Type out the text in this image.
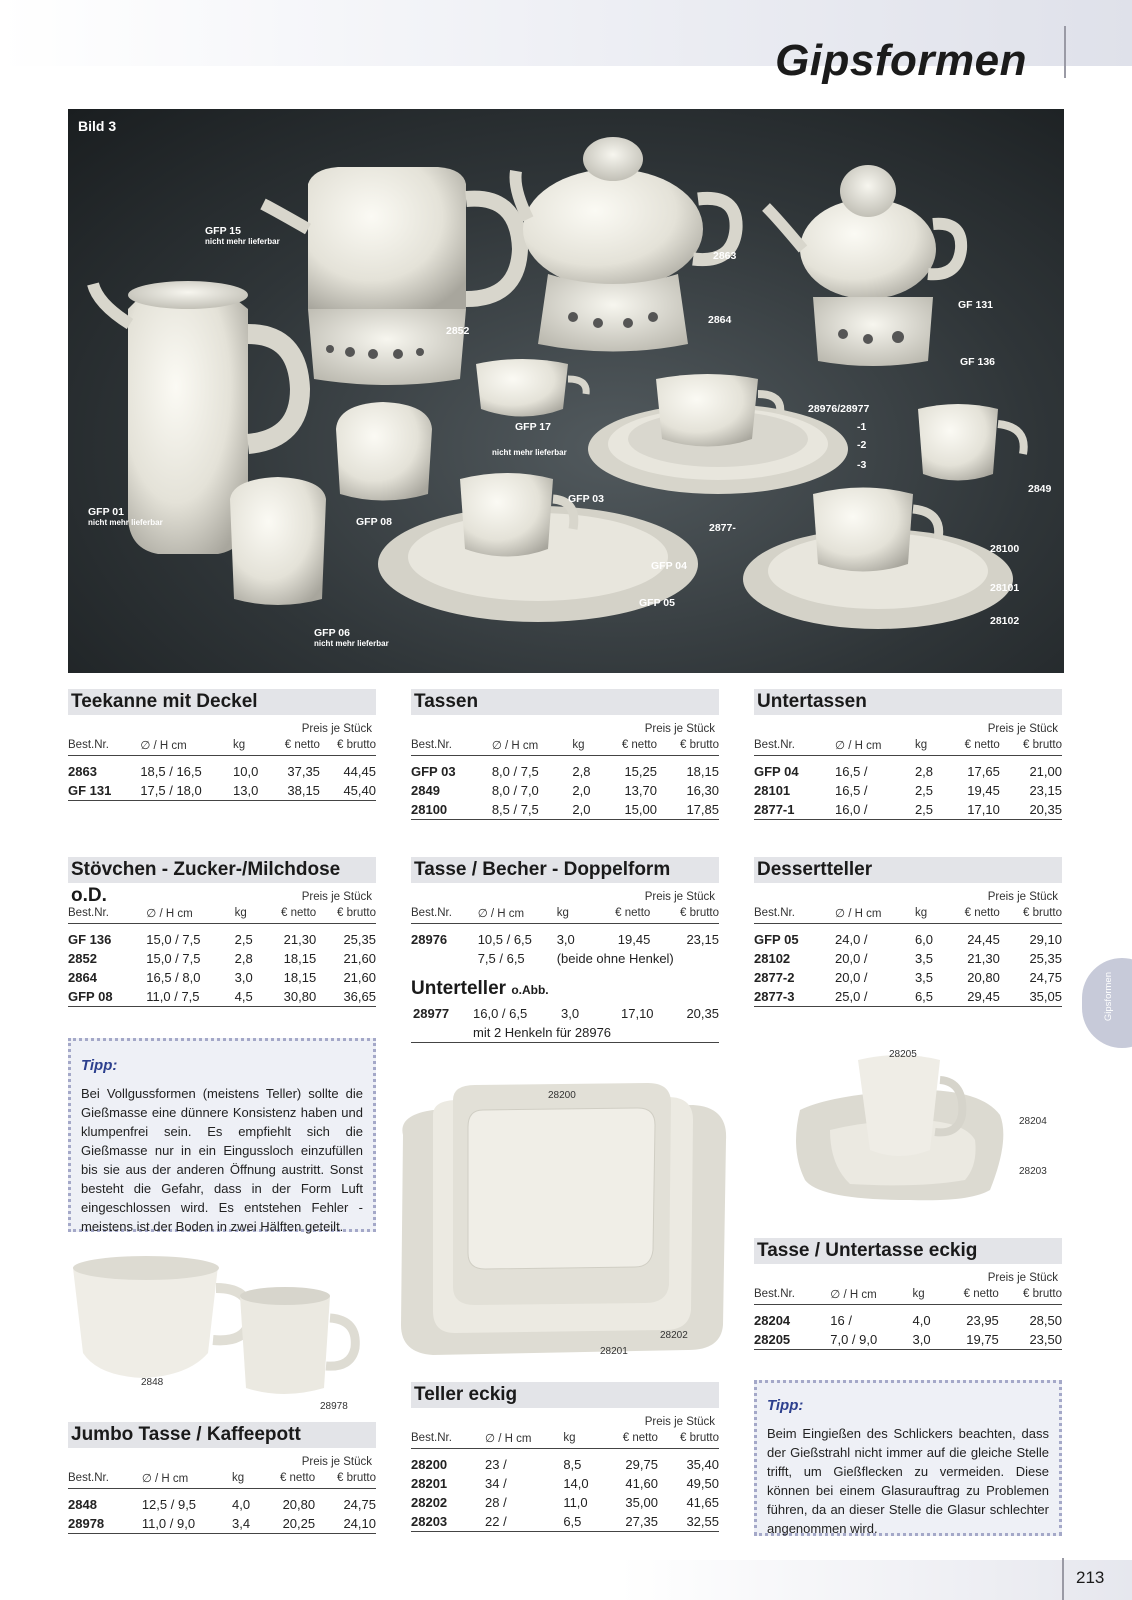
Gipsformen
GFP 15
nicht mehr lieferbar
2852
2863
2864
GF 131
GF 136
28976/28977
-1
-2
-3
GFP 17
nicht mehr lieferbar
2849
GFP 01
nicht mehr lieferbar	GFP 08
GFP 03
2877-
GFP 04
GFP 05
28100
28101
28102
GFP 06
nicht mehr lieferbar
Bild 3
Teekanne mit Deckel
Preis je Stück
Best.Nr.	∅ / H cm	kg	€ netto	€ brutto
2863	18,5 / 16,5	10,0	37,35	44,45
GF 131	17,5 / 18,0	13,0	38,15	45,40
Tassen
Preis je Stück
Best.Nr.	∅ / H cm	kg	€ netto	€ brutto
GFP 03	8,0 / 7,5	2,8	15,25	18,15
2849	8,0 / 7,0	2,0	13,70	16,30
28100	8,5 / 7,5	2,0	15,00	17,85
Untertassen
Preis je Stück
Best.Nr.	∅ / H cm	kg	€ netto	€ brutto
GFP 04	16,5 /	2,8	17,65	21,00
28101	16,5 /	2,5	19,45	23,15
2877-1	16,0 /	2,5	17,10	20,35
Stövchen - Zucker-/Milchdose o.D.	Preis je Stück
Best.Nr.	∅ / H cm	kg	€ netto	€ brutto
GF 136	15,0 / 7,5	2,5	21,30	25,35
2852	15,0 / 7,5	2,8	18,15	21,60
2864	16,5 / 8,0	3,0	18,15	21,60
GFP 08	11,0 / 7,5	4,5	30,80	36,65
Tasse / Becher - Doppelform
Preis je Stück
Best.Nr.	∅ / H cm	kg	€ netto	€ brutto
28976	10,5 / 6,5	3,0	19,45	23,15
	7,5 / 6,5	(beide ohne Henkel)		
Unterteller o.Abb.
28977	16,0 / 6,5	3,0	17,10	20,35
	mit 2 Henkeln für 28976			
Dessertteller
Preis je Stück
Best.Nr.	∅ / H cm	kg	€ netto	€ brutto
GFP 05	24,0 /	6,0	24,45	29,10
28102	20,0 /	3,5	21,30	25,35
2877-2	20,0 /	3,5	20,80	24,75
2877-3	25,0 /	6,5	29,45	35,05
Tipp:

Bei Vollgussformen (meistens Teller) sollte die Gießmasse eine dünnere Konsistenz haben und klumpenfrei sein. Es empfiehlt sich die Gießmasse nur in ein Eingussloch einzufüllen bis sie aus der anderen Öffnung austritt. Sonst besteht die Gefahr, dass in der Form Luft eingeschlossen wird. Es entstehen Fehler - meistens ist der Boden in zwei Hälften geteilt.

28200
28201
28202
28205
28204
28203
2848
28978
Tasse / Untertasse eckig
Preis je Stück
Best.Nr.	∅ / H cm	kg	€ netto	€ brutto
28204	16 /	4,0	23,95	28,50
28205	7,0 / 9,0	3,0	19,75	23,50
Teller eckig
Preis je Stück
Best.Nr.	∅ / H cm	kg	€ netto	€ brutto
28200	23 /	8,5	29,75	35,40
28201	34 /	14,0	41,60	49,50
28202	28 /	11,0	35,00	41,65
28203	22 /	6,5	27,35	32,55
Jumbo Tasse / Kaffeepott
Preis je Stück
Best.Nr.	∅ / H cm	kg	€ netto	€ brutto
2848	12,5 / 9,5	4,0	20,80	24,75
28978	11,0 / 9,0	3,4	20,25	24,10
Tipp:

Beim Eingießen des Schlickers beachten, dass der Gießstrahl nicht immer auf die gleiche Stelle trifft, um Gießflecken zu vermeiden. Diese können bei einem Glasurauftrag zu Problemen führen, da an dieser Stelle die Glasur schlechter angenommen wird.

Gipsformen
213
